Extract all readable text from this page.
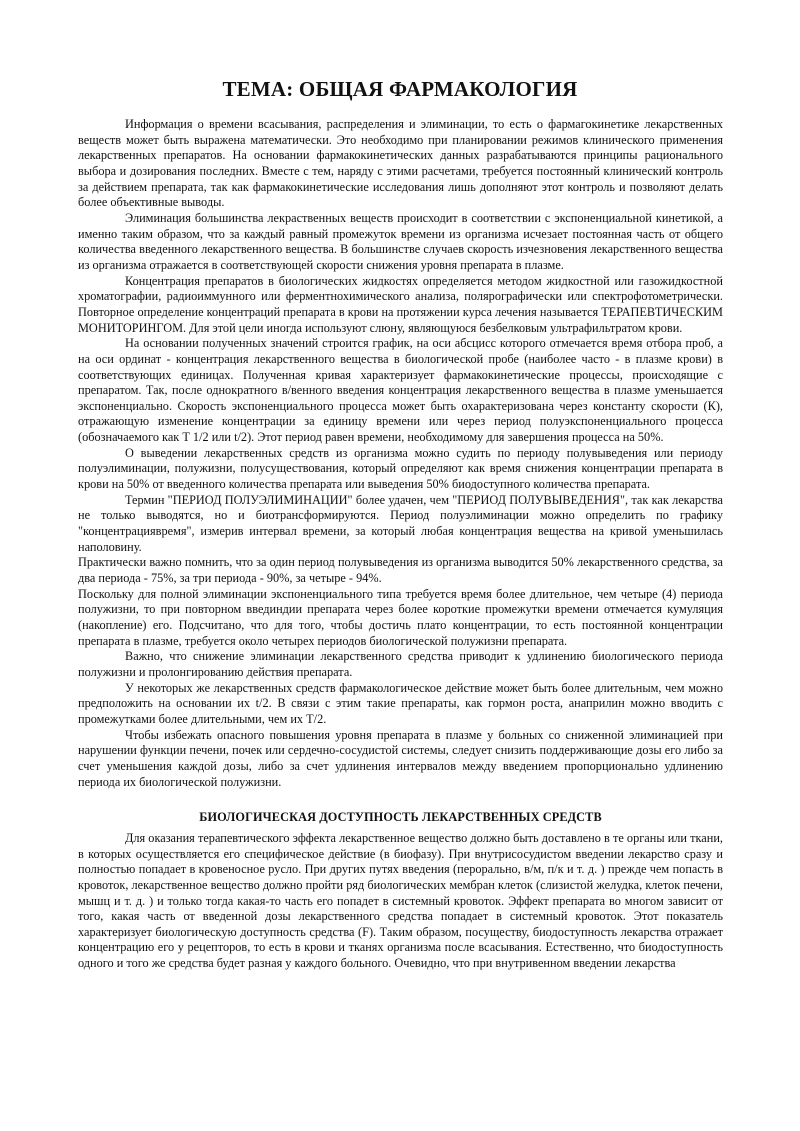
ТЕМА: ОБЩАЯ ФАРМАКОЛОГИЯ

Информация о времени всасывания, распределения и элиминации, то есть о фармагокинетике лекарственных веществ может быть выражена математически. Это необходимо при планировании режимов клинического применения лекарственных препаратов. На основании фармакокинетических данных разрабатываются принципы рационального выбора и дозирования последних. Вместе с тем, наряду с этими расчетами, требуется постоянный клинический контроль за действием препарата, так как фармакокинетические исследования лишь дополняют этот контроль и позволяют делать более объективные выводы.

Элиминация большинства лекраственных веществ происходит в соответствии с экспоненциальной кинетикой, а именно таким образом, что за каждый равный промежуток времени из организма исчезает постоянная часть от общего количества введенного лекарственного вещества. В большинстве случаев скорость изчезновения лекарственного вещества из организма отражается в соответствующей скорости снижения уровня препарата в плазме.

Концентрация препаратов в биологических жидкостях определяется методом жидкостной или газожидкостной хроматографии, радиоиммунного или ферментнохимического анализа, полярографически или спектрофотометрически. Повторное определение концентраций препарата в крови на протяжении курса лечения называется ТЕРАПЕВТИЧЕСКИМ МОНИТОРИНГОМ. Для этой цели иногда используют слюну, являющуюся безбелковым ультрафильтратом крови.

На основании полученных значений строится график, на оси абсцисс которого отмечается время отбора проб, а на оси ординат - концентрация лекарственного вещества в биологической пробе (наиболее часто - в плазме крови) в соответствующих единицах. Полученная кривая характеризует фармакокинетические процессы, происходящие с препаратом. Так, после однократного в/венного введения концентрация лекарственного вещества в плазме уменьшается экспоненциально. Скорость экспоненциального процесса может быть охарактеризована через константу скорости (К), отражающую изменение концентрации за единицу времени или через период полуэкспоненциального процесса (обозначаемого как Т 1/2 или t/2). Этот период равен времени, необходимому для завершения процесса на 50%.

О выведении лекарственных средств из организма можно судить по периоду полувыведения или периоду полуэлиминации, полужизни, полусуществования, который определяют как время снижения концентрации препарата в крови на 50% от введенного количества препарата или выведения 50% биодоступного количества препарата.

Термин "ПЕРИОД ПОЛУЭЛИМИНАЦИИ" более удачен, чем "ПЕРИОД ПОЛУВЫВЕДЕНИЯ", так как лекарства не только выводятся, но и биотрансформируются. Период полуэлиминации можно определить по графику "концентрациявремя", измерив интервал времени, за который любая концентрация вещества на кривой уменьшилась наполовину.

Практически важно помнить, что за один период полувыведения из организма выводится 50% лекарственного средства, за два периода - 75%, за три периода - 90%, за четыре - 94%.

Поскольку для полной элиминации экспоненциального типа требуется время более длительное, чем четыре (4) периода полужизни, то при повторном введиндии препарата через более короткие промежутки времени отмечается кумуляция (накопление) его. Подсчитано, что для того, чтобы достичь плато концентрации, то есть постоянной концентрации препарата в плазме, требуется около четырех периодов биологической полужизни препарата.

Важно, что снижение элиминации лекарственного средства приводит к удлинению биологического периода полужизни и пролонгированию действия препарата.

У некоторых же лекарственных средств фармакологическое действие может быть более длительным, чем можно предположить на основании их t/2. В связи с этим такие препараты, как гормон роста, анаприлин можно вводить с промежутками более длительными, чем их Т/2.

Чтобы избежать опасного повышения уровня препарата в плазме у больных со сниженной элиминацией при нарушении функции печени, почек или сердечно-сосудистой системы, следует снизить поддерживающие дозы его либо за счет уменьшения каждой дозы, либо за счет удлинения интервалов между введением пропорционально удлинению периода их биологической полужизни.

БИОЛОГИЧЕСКАЯ ДОСТУПНОСТЬ ЛЕКАРСТВЕННЫХ СРЕДСТВ

Для оказания терапевтического эффекта лекарственное вещество должно быть доставлено в те органы или ткани, в которых осуществляется его специфическое действие (в биофазу). При внутрисосудистом введении лекарство сразу и полностью попадает в кровеносное русло. При других путях введения (перорально, в/м, п/к и т. д. ) прежде чем попасть в кровоток, лекарственное вещество должно пройти ряд биологических мембран клеток (слизистой желудка, клеток печени, мышц и т. д. ) и только тогда какая-то часть его попадет в системный кровоток. Эффект препарата во многом зависит от того, какая часть от введенной дозы лекарственного средства попадает в системный кровоток. Этот показатель характеризует биологическую доступность средства (F). Таким образом, посуществу, биодоступность лекарства отражает концентрацию его у рецепторов, то есть в крови и тканях организма после всасывания. Естественно, что биодоступность одного и того же средства будет разная у каждого больного. Очевидно, что при внутривенном введении лекарства
